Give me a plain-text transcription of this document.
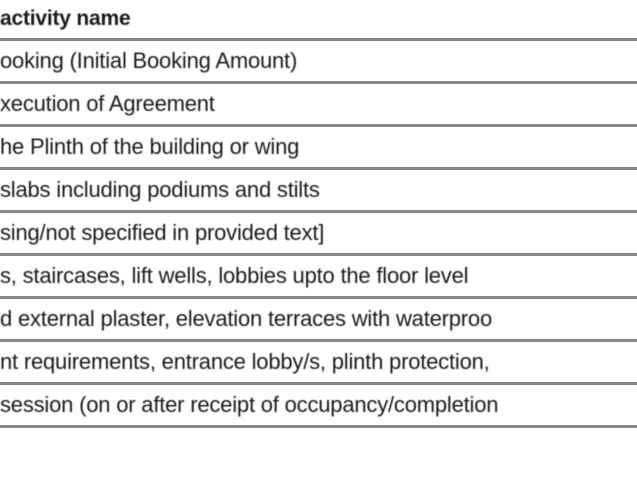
activity name
ooking (Initial Booking Amount)
xecution of Agreement
he Plinth of the building or wing
slabs including podiums and stilts
sing/not specified in provided text]
s, staircases, lift wells, lobbies upto the floor level
d external plaster, elevation terraces with waterproo
nt requirements, entrance lobby/s, plinth protection,
session (on or after receipt of occupancy/completion
